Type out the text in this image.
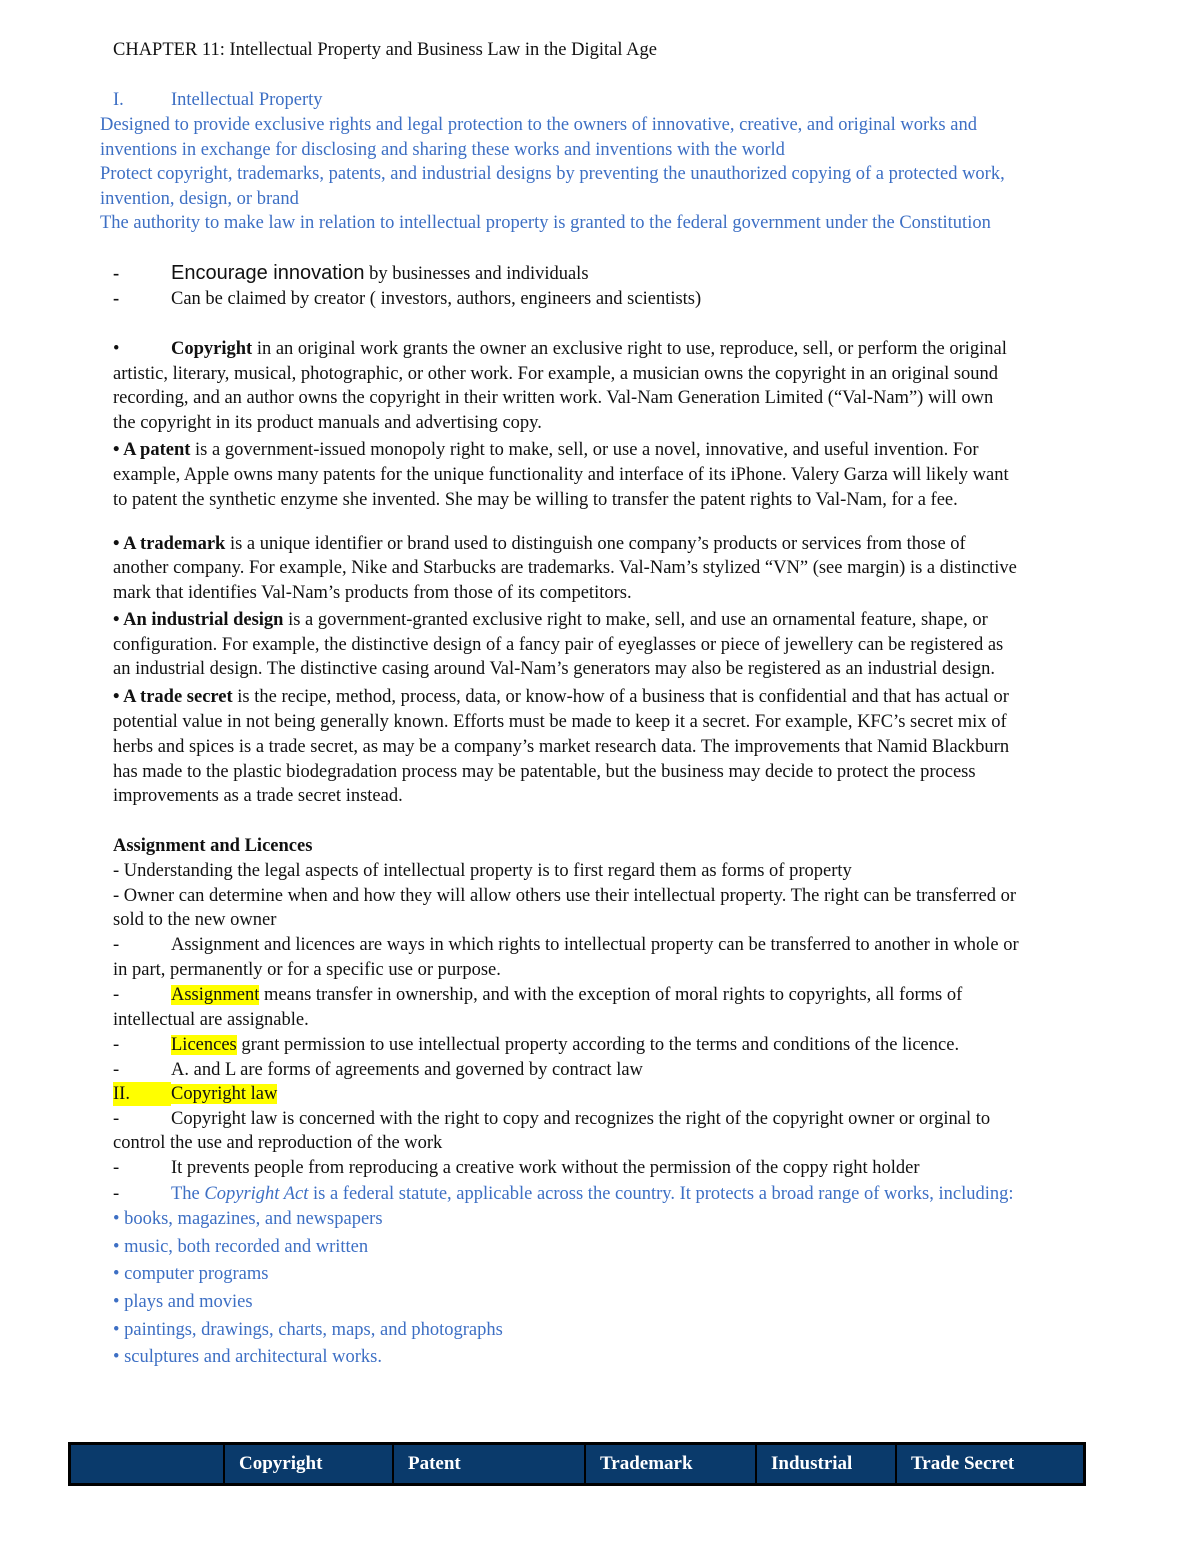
CHAPTER 11: Intellectual Property and Business Law in the Digital Age
I.	Intellectual Property
Designed to provide exclusive rights and legal protection to the owners of innovative, creative, and original works and
inventions in exchange for disclosing and sharing these works and inventions with the world
Protect copyright, trademarks, patents, and industrial designs by preventing the unauthorized copying of a protected work,
invention, design, or brand
The authority to make law in relation to intellectual property is granted to the federal government under the Constitution
-	Encourage innovation by businesses and individuals
-	Can be claimed by creator ( investors, authors, engineers and scientists)
•	Copyright in an original work grants the owner an exclusive right to use, reproduce, sell, or perform the original
artistic, literary, musical, photographic, or other work. For example, a musician owns the copyright in an original sound
recording, and an author owns the copyright in their written work. Val-Nam Generation Limited (“Val-Nam”) will own
the copyright in its product manuals and advertising copy.
• A patent is a government-issued monopoly right to make, sell, or use a novel, innovative, and useful invention. For
example, Apple owns many patents for the unique functionality and interface of its iPhone. Valery Garza will likely want
to patent the synthetic enzyme she invented. She may be willing to transfer the patent rights to Val-Nam, for a fee.
• A trademark is a unique identifier or brand used to distinguish one company’s products or services from those of
another company. For example, Nike and Starbucks are trademarks. Val-Nam’s stylized “VN” (see margin) is a distinctive
mark that identifies Val-Nam’s products from those of its competitors.
• An industrial design is a government-granted exclusive right to make, sell, and use an ornamental feature, shape, or
configuration. For example, the distinctive design of a fancy pair of eyeglasses or piece of jewellery can be registered as
an industrial design. The distinctive casing around Val-Nam’s generators may also be registered as an industrial design.
• A trade secret is the recipe, method, process, data, or know-how of a business that is confidential and that has actual or
potential value in not being generally known. Efforts must be made to keep it a secret. For example, KFC’s secret mix of
herbs and spices is a trade secret, as may be a company’s market research data. The improvements that Namid Blackburn
has made to the plastic biodegradation process may be patentable, but the business may decide to protect the process
improvements as a trade secret instead.
Assignment and Licences
- Understanding the legal aspects of intellectual property is to first regard them as forms of property
- Owner can determine when and how they will allow others use their intellectual property. The right can be transferred or
sold to the new owner
-	Assignment and licences are ways in which rights to intellectual property can be transferred to another in whole or
in part, permanently or for a specific use or purpose.
-	Assignment means transfer in ownership, and with the exception of moral rights to copyrights, all forms of
intellectual are assignable.
-	Licences grant permission to use intellectual property according to the terms and conditions of the licence.
-	A. and L are forms of agreements and governed by contract law
II. Copyright law
-	Copyright law is concerned with the right to copy and recognizes the right of the copyright owner or orginal to
control the use and reproduction of the work
-	It prevents people from reproducing a creative work without the permission of the coppy right holder
-	The Copyright Act is a federal statute, applicable across the country. It protects a broad range of works, including:
• books, magazines, and newspapers
• music, both recorded and written
• computer programs
• plays and movies
• paintings, drawings, charts, maps, and photographs
• sculptures and architectural works.
	Copyright	Patent	Trademark	Industrial	Trade Secret
